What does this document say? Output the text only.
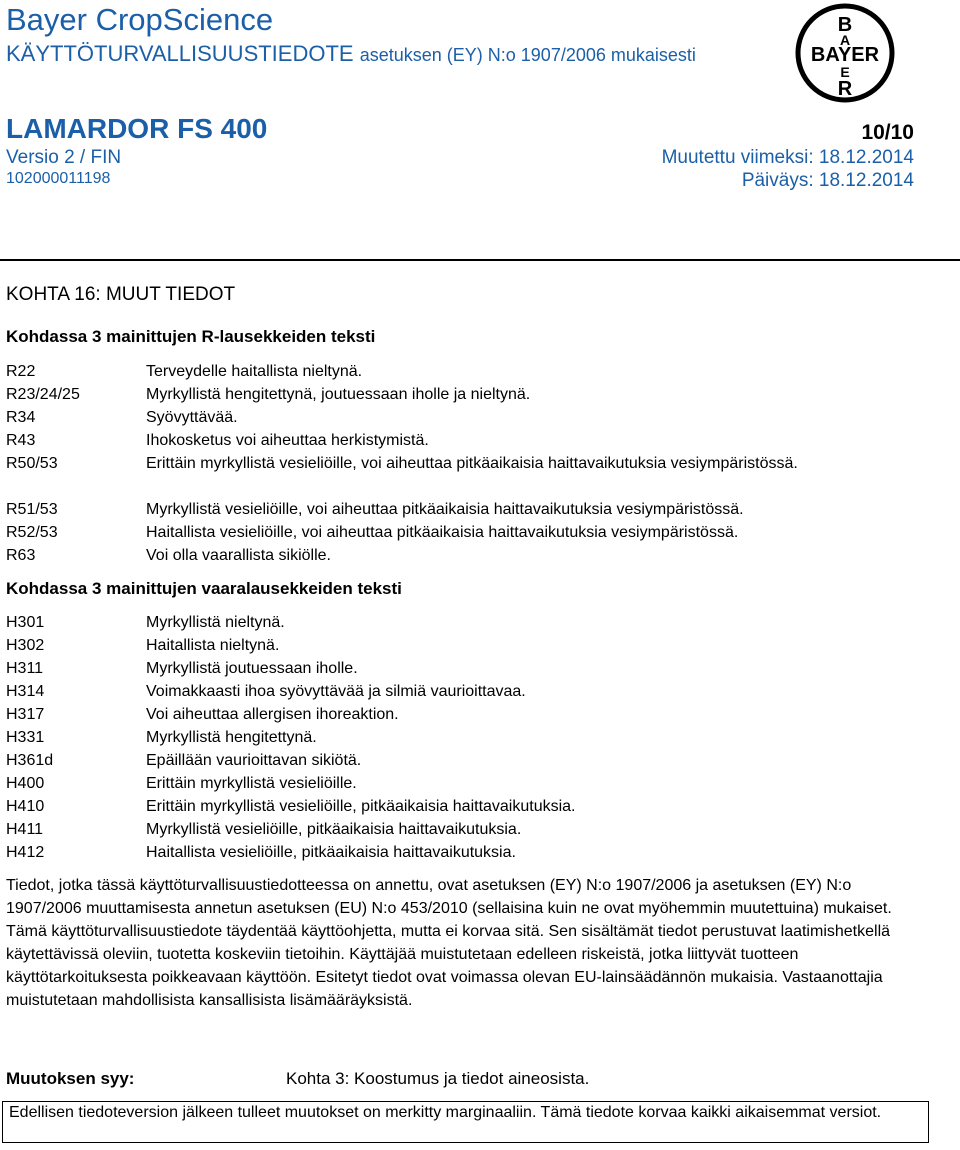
Bayer CropScience
KÄYTTÖTURVALLISUUSTIEDOTE asetuksen (EY) N:o 1907/2006 mukaisesti
B
A
BAYER
E
R
LAMARDOR FS 400	10/10
Versio 2 / FIN	Muutettu viimeksi: 18.12.2014
102000011198	Päiväys: 18.12.2014
KOHTA 16: MUUT TIEDOT
Kohdassa 3 mainittujen R-lausekkeiden teksti
R22	Terveydelle haitallista nieltynä.
R23/24/25	Myrkyllistä hengitettynä, joutuessaan iholle ja nieltynä.
R34	Syövyttävää.
R43	Ihokosketus voi aiheuttaa herkistymistä.
R50/53	Erittäin myrkyllistä vesieliöille, voi aiheuttaa pitkäaikaisia haittavaikutuksia vesiympäristössä.
R51/53	Myrkyllistä vesieliöille, voi aiheuttaa pitkäaikaisia haittavaikutuksia vesiympäristössä.
R52/53	Haitallista vesieliöille, voi aiheuttaa pitkäaikaisia haittavaikutuksia vesiympäristössä.
R63	Voi olla vaarallista sikiölle.
Kohdassa 3 mainittujen vaaralausekkeiden teksti
H301	Myrkyllistä nieltynä.
H302	Haitallista nieltynä.
H311	Myrkyllistä joutuessaan iholle.
H314	Voimakkaasti ihoa syövyttävää ja silmiä vaurioittavaa.
H317	Voi aiheuttaa allergisen ihoreaktion.
H331	Myrkyllistä hengitettynä.
H361d	Epäillään vaurioittavan sikiötä.
H400	Erittäin myrkyllistä vesieliöille.
H410	Erittäin myrkyllistä vesieliöille, pitkäaikaisia haittavaikutuksia.
H411	Myrkyllistä vesieliöille, pitkäaikaisia haittavaikutuksia.
H412	Haitallista vesieliöille, pitkäaikaisia haittavaikutuksia.

Tiedot, jotka tässä käyttöturvallisuustiedotteessa on annettu, ovat asetuksen (EY) N:o 1907/2006 ja asetuksen (EY) N:o 1907/2006 muuttamisesta annetun asetuksen (EU) N:o 453/2010 (sellaisina kuin ne ovat myöhemmin muutettuina) mukaiset.

Tämä käyttöturvallisuustiedote täydentää käyttöohjetta, mutta ei korvaa sitä. Sen sisältämät tiedot perustuvat laatimishetkellä käytettävissä oleviin, tuotetta koskeviin tietoihin. Käyttäjää muistutetaan edelleen riskeistä, jotka liittyvät tuotteen käyttötarkoituksesta poikkeavaan käyttöön. Esitetyt tiedot ovat voimassa olevan EU-lainsäädännön mukaisia. Vastaanottajia muistutetaan mahdollisista kansallisista lisämääräyksistä.

Muutoksen syy:	Kohta 3: Koostumus ja tiedot aineosista.
Edellisen tiedoteversion jälkeen tulleet muutokset on merkitty marginaaliin. Tämä tiedote korvaa kaikki aikaisemmat versiot.
